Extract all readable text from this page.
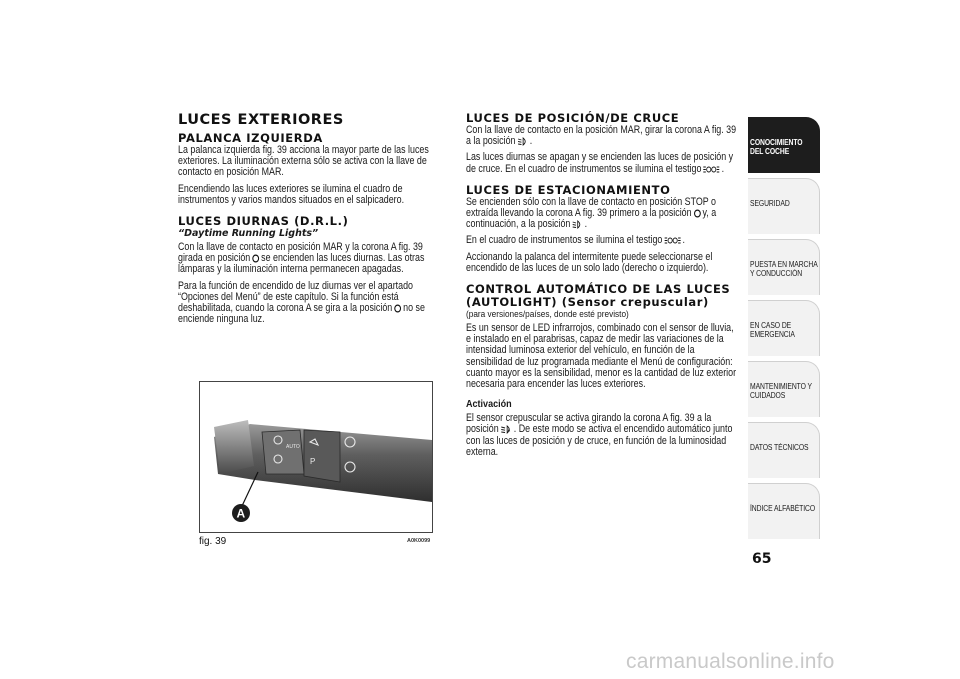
LUCES EXTERIORES
PALANCA IZQUIERDA

La palanca izquierda fig. 39 acciona la mayor parte de las luces exteriores. La iluminación externa sólo se activa con la llave de contacto en posición MAR.

Encendiendo las luces exteriores se ilumina el cuadro de instrumentos y varios mandos situados en el salpicadero.

LUCES DIURNAS (D.R.L.)
“Daytime Running Lights”

Con la llave de contacto en posición MAR y la corona A fig. 39 girada en posición se encienden las luces diurnas. Las otras lámparas y la iluminación interna permanecen apagadas.

Para la función de encendido de luz diurnas ver el apartado “Opciones del Menú” de este capítulo. Si la función está deshabilitada, cuando la corona A se gira a la posición no se enciende ninguna luz.

P
AUTO
A
fig. 39	A0K0099
LUCES DE POSICIÓN/DE CRUCE

Con la llave de contacto en la posición MAR, girar la corona A fig. 39 a la posición .

Las luces diurnas se apagan y se encienden las luces de posición y de cruce. En el cuadro de instrumentos se ilumina el testigo .

LUCES DE ESTACIONAMIENTO

Se encienden sólo con la llave de contacto en posición STOP o extraída llevando la corona A fig. 39 primero a la posición y, a continuación, a la posición .

En el cuadro de instrumentos se ilumina el testigo .

Accionando la palanca del intermitente puede seleccionarse el encendido de las luces de un solo lado (derecho o izquierdo).

CONTROL AUTOMÁTICO DE LAS LUCES
(AUTOLIGHT) (Sensor crepuscular)
(para versiones/países, donde esté previsto)

Es un sensor de LED infrarrojos, combinado con el sensor de lluvia, e instalado en el parabrisas, capaz de medir las variaciones de la intensidad luminosa exterior del vehículo, en función de la sensibilidad de luz programada mediante el Menú de configuración: cuanto mayor es la sensibilidad, menor es la cantidad de luz exterior necesaria para encender las luces exteriores.

Activación

El sensor crepuscular se activa girando la corona A fig. 39 a la posición A . De este modo se activa el encendido automático junto con las luces de posición y de cruce, en función de la luminosidad externa.

CONOCIMIENTO
DEL COCHE
SEGURIDAD
PUESTA EN MARCHA
Y CONDUCCIÓN
EN CASO DE
EMERGENCIA
MANTENIMIENTO Y
CUIDADOS
DATOS TÉCNICOS
ÍNDICE ALFABÉTICO
65
carmanualsonline.info
